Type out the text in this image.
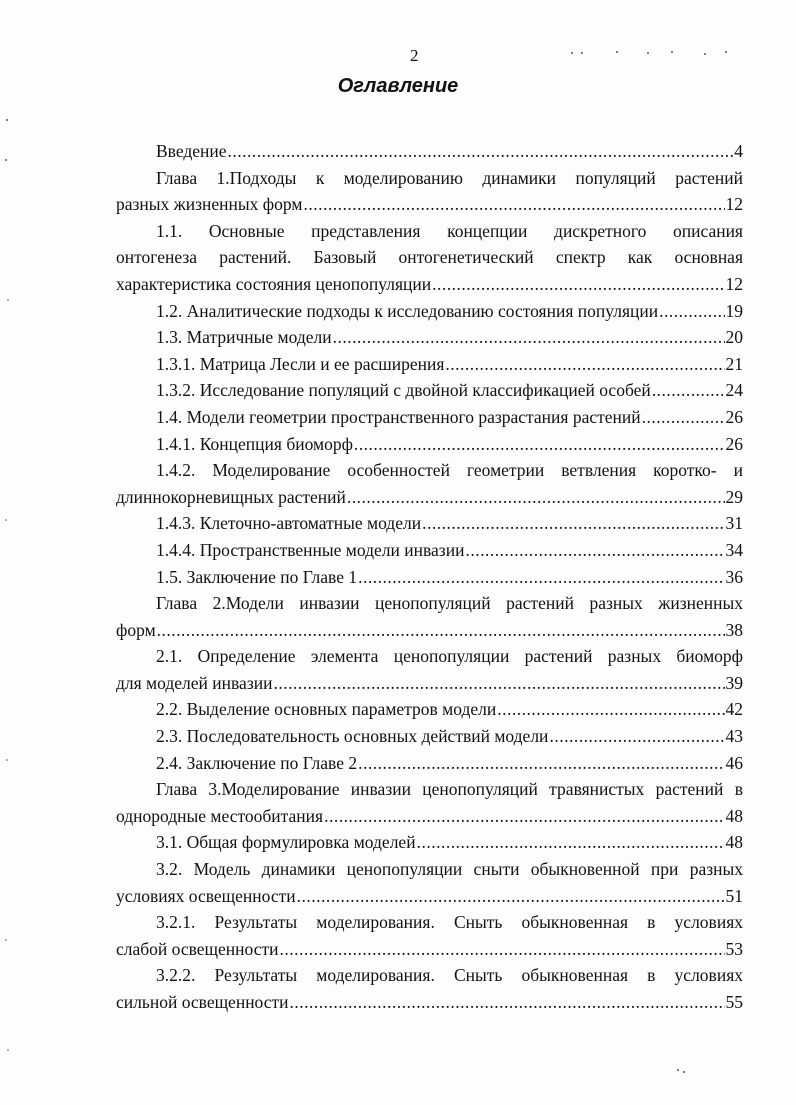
2
Оглавление
Введение .....	4
Глава 1.Подходы к моделированию динамики популяций растений
разных жизненных форм .....	12
1.1. Основные представления концепции дискретного описания
онтогенеза растений. Базовый онтогенетический спектр как основная
характеристика состояния ценопопуляции .....	12
1.2. Аналитические подходы к исследованию состояния популяции .....	19
1.3. Матричные модели .....	20
1.3.1. Матрица Лесли и ее расширения .....	21
1.3.2. Исследование популяций с двойной классификацией особей .....	24
1.4. Модели геометрии пространственного разрастания растений .....	26
1.4.1. Концепция биоморф .....	26
1.4.2. Моделирование особенностей геометрии ветвления коротко- и
длиннокорневищных растений .....	29
1.4.3. Клеточно-автоматные модели .....	31
1.4.4. Пространственные модели инвазии .....	34
1.5. Заключение по Главе 1 .....	36
Глава 2.Модели инвазии ценопопуляций растений разных жизненных
форм .....	38
2.1. Определение элемента ценопопуляции растений разных биоморф
для моделей инвазии .....	39
2.2. Выделение основных параметров модели .....	42
2.3. Последовательность основных действий модели .....	43
2.4. Заключение по Главе 2 .....	46
Глава 3.Моделирование инвазии ценопопуляций травянистых растений в
однородные местообитания .....	48
3.1. Общая формулировка моделей .....	48
3.2. Модель динамики ценопопуляции сныти обыкновенной при разных
условиях освещенности .....	51
3.2.1. Результаты моделирования. Сныть обыкновенная в условиях
слабой освещенности .....	53
3.2.2. Результаты моделирования. Сныть обыкновенная в условиях
сильной освещенности .....	55
